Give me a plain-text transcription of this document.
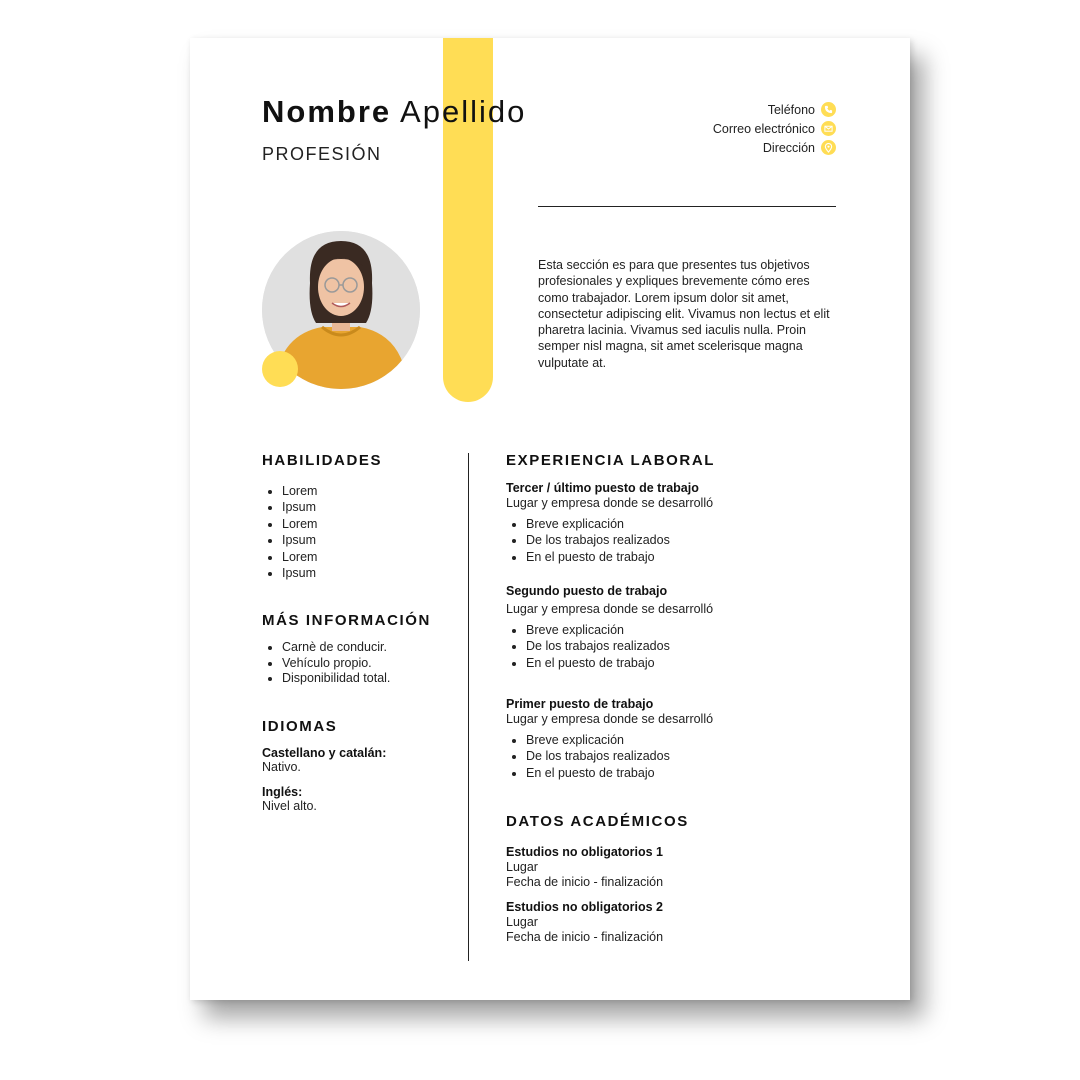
Nombre Apellido

PROFESIÓN

Teléfono
Correo electrónico
Dirección

Esta sección es para que presentes tus objetivos profesionales y expliques brevemente cómo eres como trabajador. Lorem ipsum dolor sit amet, consectetur adipiscing elit. Vivamus non lectus et elit pharetra lacinia. Vivamus sed iaculis nulla. Proin semper nisl magna, sit amet scelerisque magna vulputate at.

HABILIDADES
• Lorem
• Ipsum
• Lorem
• Ipsum
• Lorem
• Ipsum
MÁS INFORMACIÓN
• Carnè de conducir.
• Vehículo propio.
• Disponibilidad total.
IDIOMAS
Castellano y catalán:
Nativo.
Inglés:
Nivel alto.
EXPERIENCIA LABORAL
Tercer / último puesto de trabajo
Lugar y empresa donde se desarrolló
• Breve explicación
• De los trabajos realizados
• En el puesto de trabajo
Segundo puesto de trabajo
Lugar y empresa donde se desarrolló
• Breve explicación
• De los trabajos realizados
• En el puesto de trabajo
Primer puesto de trabajo
Lugar y empresa donde se desarrolló
• Breve explicación
• De los trabajos realizados
• En el puesto de trabajo
DATOS ACADÉMICOS
Estudios no obligatorios 1
Lugar
Fecha de inicio - finalización
Estudios no obligatorios 2
Lugar
Fecha de inicio - finalización
